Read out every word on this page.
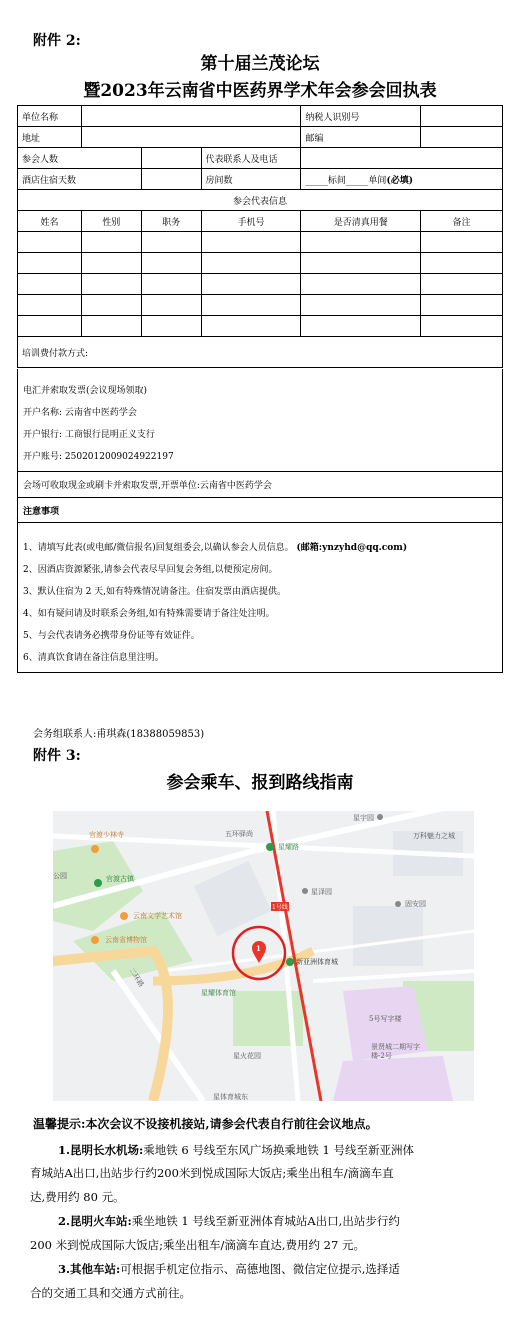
附件 2:
第十届兰茂论坛
暨2023年云南省中医药界学术年会参会回执表
单位名称				纳税人识别号	
地址				邮编	
参会人数			代表联系人及电话		
酒店住宿天数			房间数	_____标间_____单间(必填)	
参会代表信息					
姓名	性别	职务	手机号	是否清真用餐	备注

培训费付款方式:					
电汇并索取发票(会议现场领取)
开户名称: 云南省中医药学会
开户银行: 工商银行昆明正义支行
开户账号: 2502012009024922197
会场可收取现金或刷卡并索取发票,开票单位:云南省中医药学会
注意事项
1、请填写此表(或电邮/微信报名)回复组委会,以确认参会人员信息。 (邮箱:ynzyhd@qq.com)
2、因酒店资源紧张,请参会代表尽早回复会务组,以便预定房间。
3、默认住宿为 2 天,如有特殊情况请备注。住宿发票由酒店提供。
4、如有疑问请及时联系会务组,如有特殊需要请于备注处注明。
5、与会代表请务必携带身份证等有效证件。
6、清真饮食请在备注信息里注明。
会务组联系人:甫琪森(18388059853)
附件 3:
参会乘车、报到路线指南
官渡少林寺
公园	官渡古镇
云南文学艺术馆
云南省博物馆
五环驿尚
星耀路
星泽园
1号线	固安园
星宇园
万科魅力之城
1
新亚洲体育城
星耀体育馆
5号写字楼
星火花园
景贤城二期写字楼-2号
星体育城东
二环路
温馨提示:本次会议不设接机接站,请参会代表自行前往会议地点。
1.昆明长水机场:乘地铁 6 号线至东风广场换乘地铁 1 号线至新亚洲体
育城站A出口,出站步行约200米到悦成国际大饭店;乘坐出租车/滴滴车直
达,费用约 80 元。
2.昆明火车站:乘坐地铁 1 号线至新亚洲体育城站A出口,出站步行约
200 米到悦成国际大饭店;乘坐出租车/滴滴车直达,费用约 27 元。
3.其他车站:可根据手机定位指示、高德地图、微信定位提示,选择适
合的交通工具和交通方式前往。
